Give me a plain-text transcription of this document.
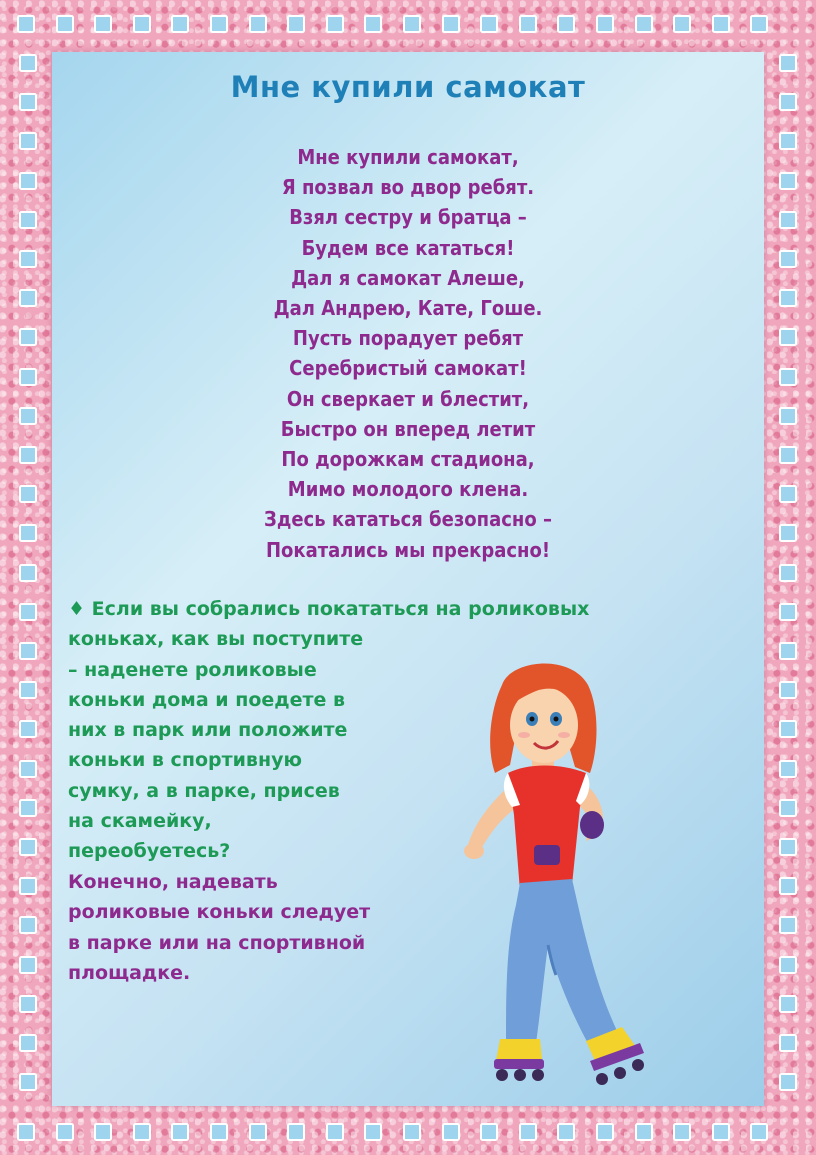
Мне купили самокат
Мне купили самокат,
Я позвал во двор ребят.
Взял сестру и братца –
Будем все кататься!
Дал я самокат Алеше,
Дал Андрею, Кате, Гоше.
Пусть порадует ребят
Серебристый самокат!
Он сверкает и блестит,
Быстро он вперед летит
По дорожкам стадиона,
Мимо молодого клена.
Здесь кататься безопасно –
Покатались мы прекрасно!
♦ Если вы собрались покататься на роликовых
коньках, как вы поступите
– наденете роликовые
коньки дома и поедете в
них в парк или положите
коньки в спортивную
сумку, а в парке, присев
на скамейку,
переобуетесь?
Конечно, надевать
роликовые коньки следует
в парке или на спортивной
площадке.
